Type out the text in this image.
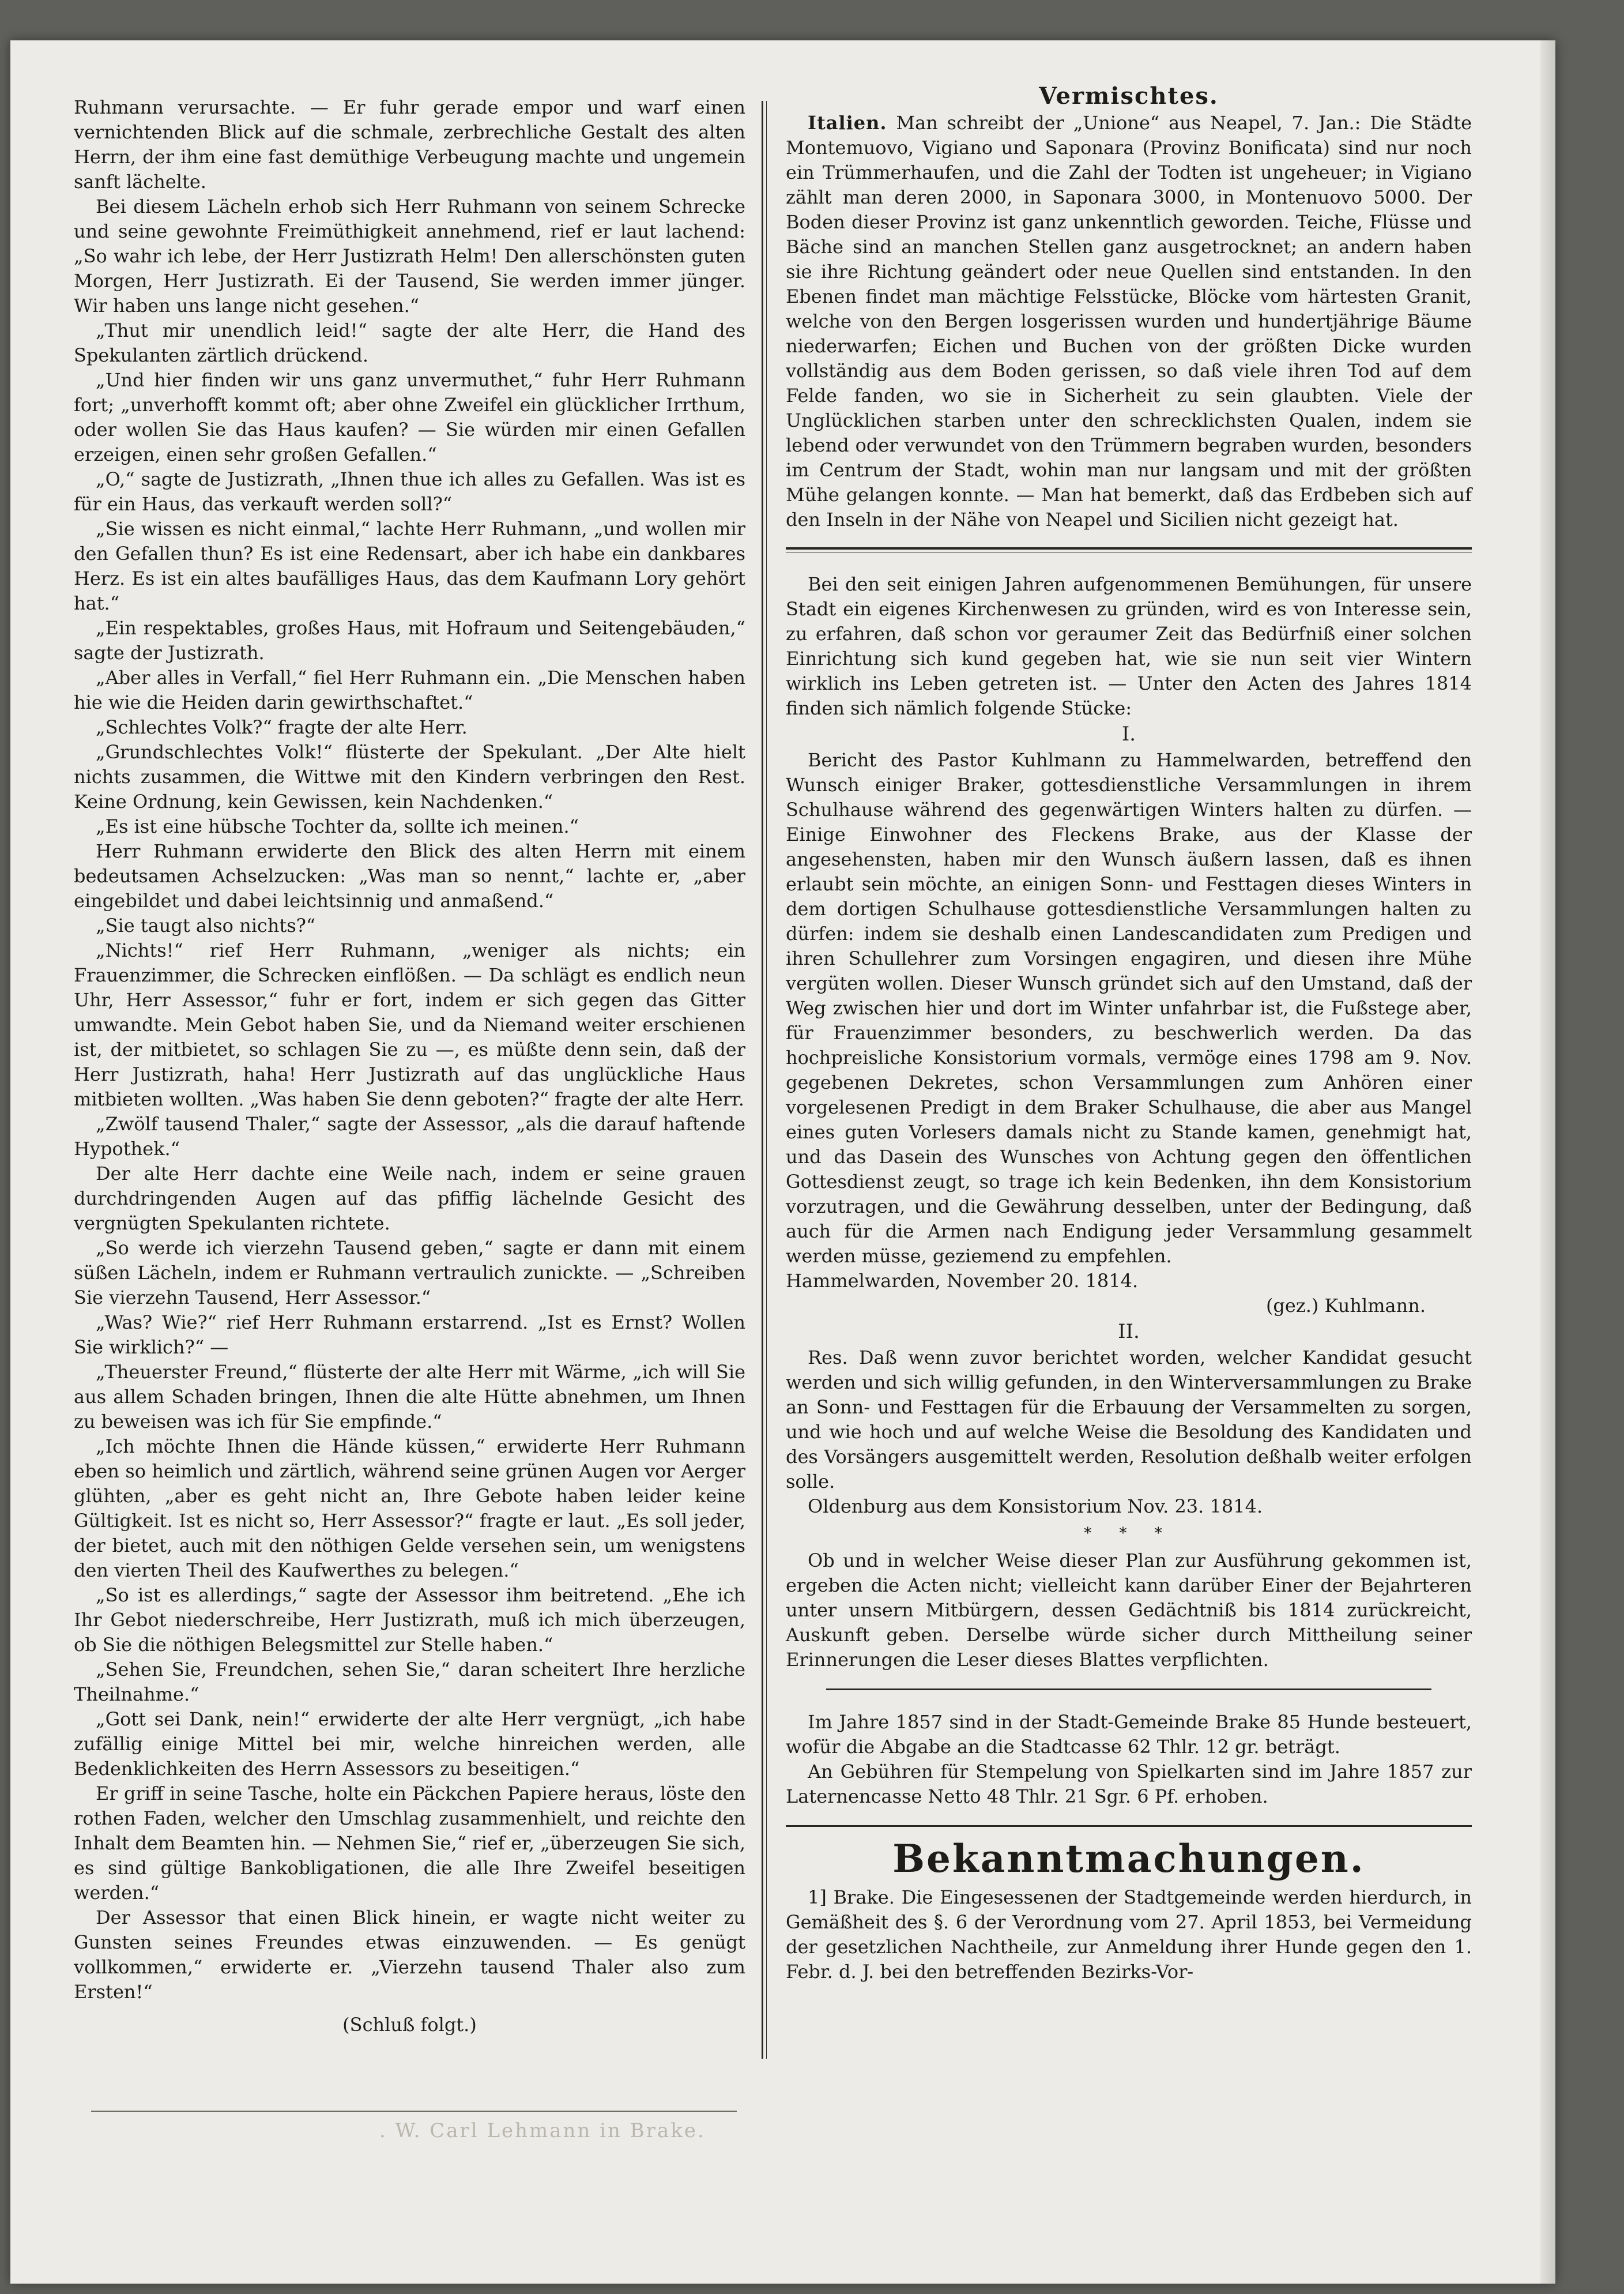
Ruhmann verursachte. — Er fuhr gerade empor und warf einen vernichtenden Blick auf die schmale, zerbrechliche Gestalt des alten Herrn, der ihm eine fast demüthige Verbeugung machte und ungemein sanft lächelte.

Bei diesem Lächeln erhob sich Herr Ruhmann von seinem Schrecke und seine gewohnte Freimüthigkeit annehmend, rief er laut lachend: „So wahr ich lebe, der Herr Justizrath Helm! Den allerschönsten guten Morgen, Herr Justizrath. Ei der Tausend, Sie werden immer jünger. Wir haben uns lange nicht gesehen.“

„Thut mir unendlich leid!“ sagte der alte Herr, die Hand des Spekulanten zärtlich drückend.

„Und hier finden wir uns ganz unvermuthet,“ fuhr Herr Ruhmann fort; „unverhofft kommt oft; aber ohne Zweifel ein glücklicher Irrthum, oder wollen Sie das Haus kaufen? — Sie würden mir einen Gefallen erzeigen, einen sehr großen Gefallen.“

„O,“ sagte de Justizrath, „Ihnen thue ich alles zu Gefallen. Was ist es für ein Haus, das verkauft werden soll?“

„Sie wissen es nicht einmal,“ lachte Herr Ruhmann, „und wollen mir den Gefallen thun? Es ist eine Redensart, aber ich habe ein dankbares Herz. Es ist ein altes baufälliges Haus, das dem Kaufmann Lory gehört hat.“

„Ein respektables, großes Haus, mit Hofraum und Seitengebäuden,“ sagte der Justizrath.

„Aber alles in Verfall,“ fiel Herr Ruhmann ein. „Die Menschen haben hie wie die Heiden darin gewirthschaftet.“

„Schlechtes Volk?“ fragte der alte Herr.

„Grundschlechtes Volk!“ flüsterte der Spekulant. „Der Alte hielt nichts zusammen, die Wittwe mit den Kindern verbringen den Rest. Keine Ordnung, kein Gewissen, kein Nachdenken.“

„Es ist eine hübsche Tochter da, sollte ich meinen.“

Herr Ruhmann erwiderte den Blick des alten Herrn mit einem bedeutsamen Achselzucken: „Was man so nennt,“ lachte er, „aber eingebildet und dabei leichtsinnig und anmaßend.“

„Sie taugt also nichts?“

„Nichts!“ rief Herr Ruhmann, „weniger als nichts; ein Frauenzimmer, die Schrecken einflößen. — Da schlägt es endlich neun Uhr, Herr Assessor,“ fuhr er fort, indem er sich gegen das Gitter umwandte. Mein Gebot haben Sie, und da Niemand weiter erschienen ist, der mitbietet, so schlagen Sie zu —, es müßte denn sein, daß der Herr Justizrath, haha! Herr Justizrath auf das unglückliche Haus mitbieten wollten. „Was haben Sie denn geboten?“ fragte der alte Herr.

„Zwölf tausend Thaler,“ sagte der Assessor, „als die darauf haftende Hypothek.“

Der alte Herr dachte eine Weile nach, indem er seine grauen durchdringenden Augen auf das pfiffig lächelnde Gesicht des vergnügten Spekulanten richtete.

„So werde ich vierzehn Tausend geben,“ sagte er dann mit einem süßen Lächeln, indem er Ruhmann vertraulich zunickte. — „Schreiben Sie vierzehn Tausend, Herr Assessor.“

„Was? Wie?“ rief Herr Ruhmann erstarrend. „Ist es Ernst? Wollen Sie wirklich?“ —

„Theuerster Freund,“ flüsterte der alte Herr mit Wärme, „ich will Sie aus allem Schaden bringen, Ihnen die alte Hütte abnehmen, um Ihnen zu beweisen was ich für Sie empfinde.“

„Ich möchte Ihnen die Hände küssen,“ erwiderte Herr Ruhmann eben so heimlich und zärtlich, während seine grünen Augen vor Aerger glühten, „aber es geht nicht an, Ihre Gebote haben leider keine Gültigkeit. Ist es nicht so, Herr Assessor?“ fragte er laut. „Es soll jeder, der bietet, auch mit den nöthigen Gelde versehen sein, um wenigstens den vierten Theil des Kaufwerthes zu belegen.“

„So ist es allerdings,“ sagte der Assessor ihm beitretend. „Ehe ich Ihr Gebot niederschreibe, Herr Justizrath, muß ich mich überzeugen, ob Sie die nöthigen Belegsmittel zur Stelle haben.“

„Sehen Sie, Freundchen, sehen Sie,“ daran scheitert Ihre herzliche Theilnahme.“

„Gott sei Dank, nein!“ erwiderte der alte Herr vergnügt, „ich habe zufällig einige Mittel bei mir, welche hinreichen werden, alle Bedenklichkeiten des Herrn Assessors zu beseitigen.“

Er griff in seine Tasche, holte ein Päckchen Papiere heraus, löste den rothen Faden, welcher den Umschlag zusammenhielt, und reichte den Inhalt dem Beamten hin. — Nehmen Sie,“ rief er, „überzeugen Sie sich, es sind gültige Bankobligationen, die alle Ihre Zweifel beseitigen werden.“

Der Assessor that einen Blick hinein, er wagte nicht weiter zu Gunsten seines Freundes etwas einzuwenden. — Es genügt vollkommen,“ erwiderte er. „Vierzehn tausend Thaler also zum Ersten!“

(Schluß folgt.)
Vermischtes.

Italien. Man schreibt der „Unione“ aus Neapel, 7. Jan.: Die Städte Montemuovo, Vigiano und Saponara (Provinz Bonificata) sind nur noch ein Trümmerhaufen, und die Zahl der Todten ist ungeheuer; in Vigiano zählt man deren 2000, in Saponara 3000, in Montenuovo 5000. Der Boden dieser Provinz ist ganz unkenntlich geworden. Teiche, Flüsse und Bäche sind an manchen Stellen ganz ausgetrocknet; an andern haben sie ihre Richtung geändert oder neue Quellen sind entstanden. In den Ebenen findet man mächtige Felsstücke, Blöcke vom härtesten Granit, welche von den Bergen losgerissen wurden und hundertjährige Bäume niederwarfen; Eichen und Buchen von der größten Dicke wurden vollständig aus dem Boden gerissen, so daß viele ihren Tod auf dem Felde fanden, wo sie in Sicherheit zu sein glaubten. Viele der Unglücklichen starben unter den schrecklichsten Qualen, indem sie lebend oder verwundet von den Trümmern begraben wurden, besonders im Centrum der Stadt, wohin man nur langsam und mit der größten Mühe gelangen konnte. — Man hat bemerkt, daß das Erdbeben sich auf den Inseln in der Nähe von Neapel und Sicilien nicht gezeigt hat.

Bei den seit einigen Jahren aufgenommenen Bemühungen, für unsere Stadt ein eigenes Kirchenwesen zu gründen, wird es von Interesse sein, zu erfahren, daß schon vor geraumer Zeit das Bedürfniß einer solchen Einrichtung sich kund gegeben hat, wie sie nun seit vier Wintern wirklich ins Leben getreten ist. — Unter den Acten des Jahres 1814 finden sich nämlich folgende Stücke:

I.

Bericht des Pastor Kuhlmann zu Hammelwarden, betreffend den Wunsch einiger Braker, gottesdienstliche Versammlungen in ihrem Schulhause während des gegenwärtigen Winters halten zu dürfen. — Einige Einwohner des Fleckens Brake, aus der Klasse der angesehensten, haben mir den Wunsch äußern lassen, daß es ihnen erlaubt sein möchte, an einigen Sonn- und Festtagen dieses Winters in dem dortigen Schulhause gottesdienstliche Versammlungen halten zu dürfen: indem sie deshalb einen Landescandidaten zum Predigen und ihren Schullehrer zum Vorsingen engagiren, und diesen ihre Mühe vergüten wollen. Dieser Wunsch gründet sich auf den Umstand, daß der Weg zwischen hier und dort im Winter unfahrbar ist, die Fußstege aber, für Frauenzimmer besonders, zu beschwerlich werden. Da das hochpreisliche Konsistorium vormals, vermöge eines 1798 am 9. Nov. gegebenen Dekretes, schon Versammlungen zum Anhören einer vorgelesenen Predigt in dem Braker Schulhause, die aber aus Mangel eines guten Vorlesers damals nicht zu Stande kamen, genehmigt hat, und das Dasein des Wunsches von Achtung gegen den öffentlichen Gottesdienst zeugt, so trage ich kein Bedenken, ihn dem Konsistorium vorzutragen, und die Gewährung desselben, unter der Bedingung, daß auch für die Armen nach Endigung jeder Versammlung gesammelt werden müsse, geziemend zu empfehlen.

Hammelwarden, November 20. 1814.

(gez.) Kuhlmann.
II.

Res. Daß wenn zuvor berichtet worden, welcher Kandidat gesucht werden und sich willig gefunden, in den Winterversammlungen zu Brake an Sonn- und Festtagen für die Erbauung der Versammelten zu sorgen, und wie hoch und auf welche Weise die Besoldung des Kandidaten und des Vorsängers ausgemittelt werden, Resolution deßhalb weiter erfolgen solle.

Oldenburg aus dem Konsistorium Nov. 23. 1814.

* * *

Ob und in welcher Weise dieser Plan zur Ausführung gekommen ist, ergeben die Acten nicht; vielleicht kann darüber Einer der Bejahrteren unter unsern Mitbürgern, dessen Gedächtniß bis 1814 zurückreicht, Auskunft geben. Derselbe würde sicher durch Mittheilung seiner Erinnerungen die Leser dieses Blattes verpflichten.

Im Jahre 1857 sind in der Stadt-Gemeinde Brake 85 Hunde besteuert, wofür die Abgabe an die Stadtcasse 62 Thlr. 12 gr. beträgt.

An Gebühren für Stempelung von Spielkarten sind im Jahre 1857 zur Laternencasse Netto 48 Thlr. 21 Sgr. 6 Pf. erhoben.

Bekanntmachungen.

1] Brake. Die Eingesessenen der Stadtgemeinde werden hierdurch, in Gemäßheit des §. 6 der Verordnung vom 27. April 1853, bei Vermeidung der gesetzlichen Nachtheile, zur Anmeldung ihrer Hunde gegen den 1. Febr. d. J. bei den betreffenden Bezirks-Vor-

. W. Carl Lehmann in Brake.
